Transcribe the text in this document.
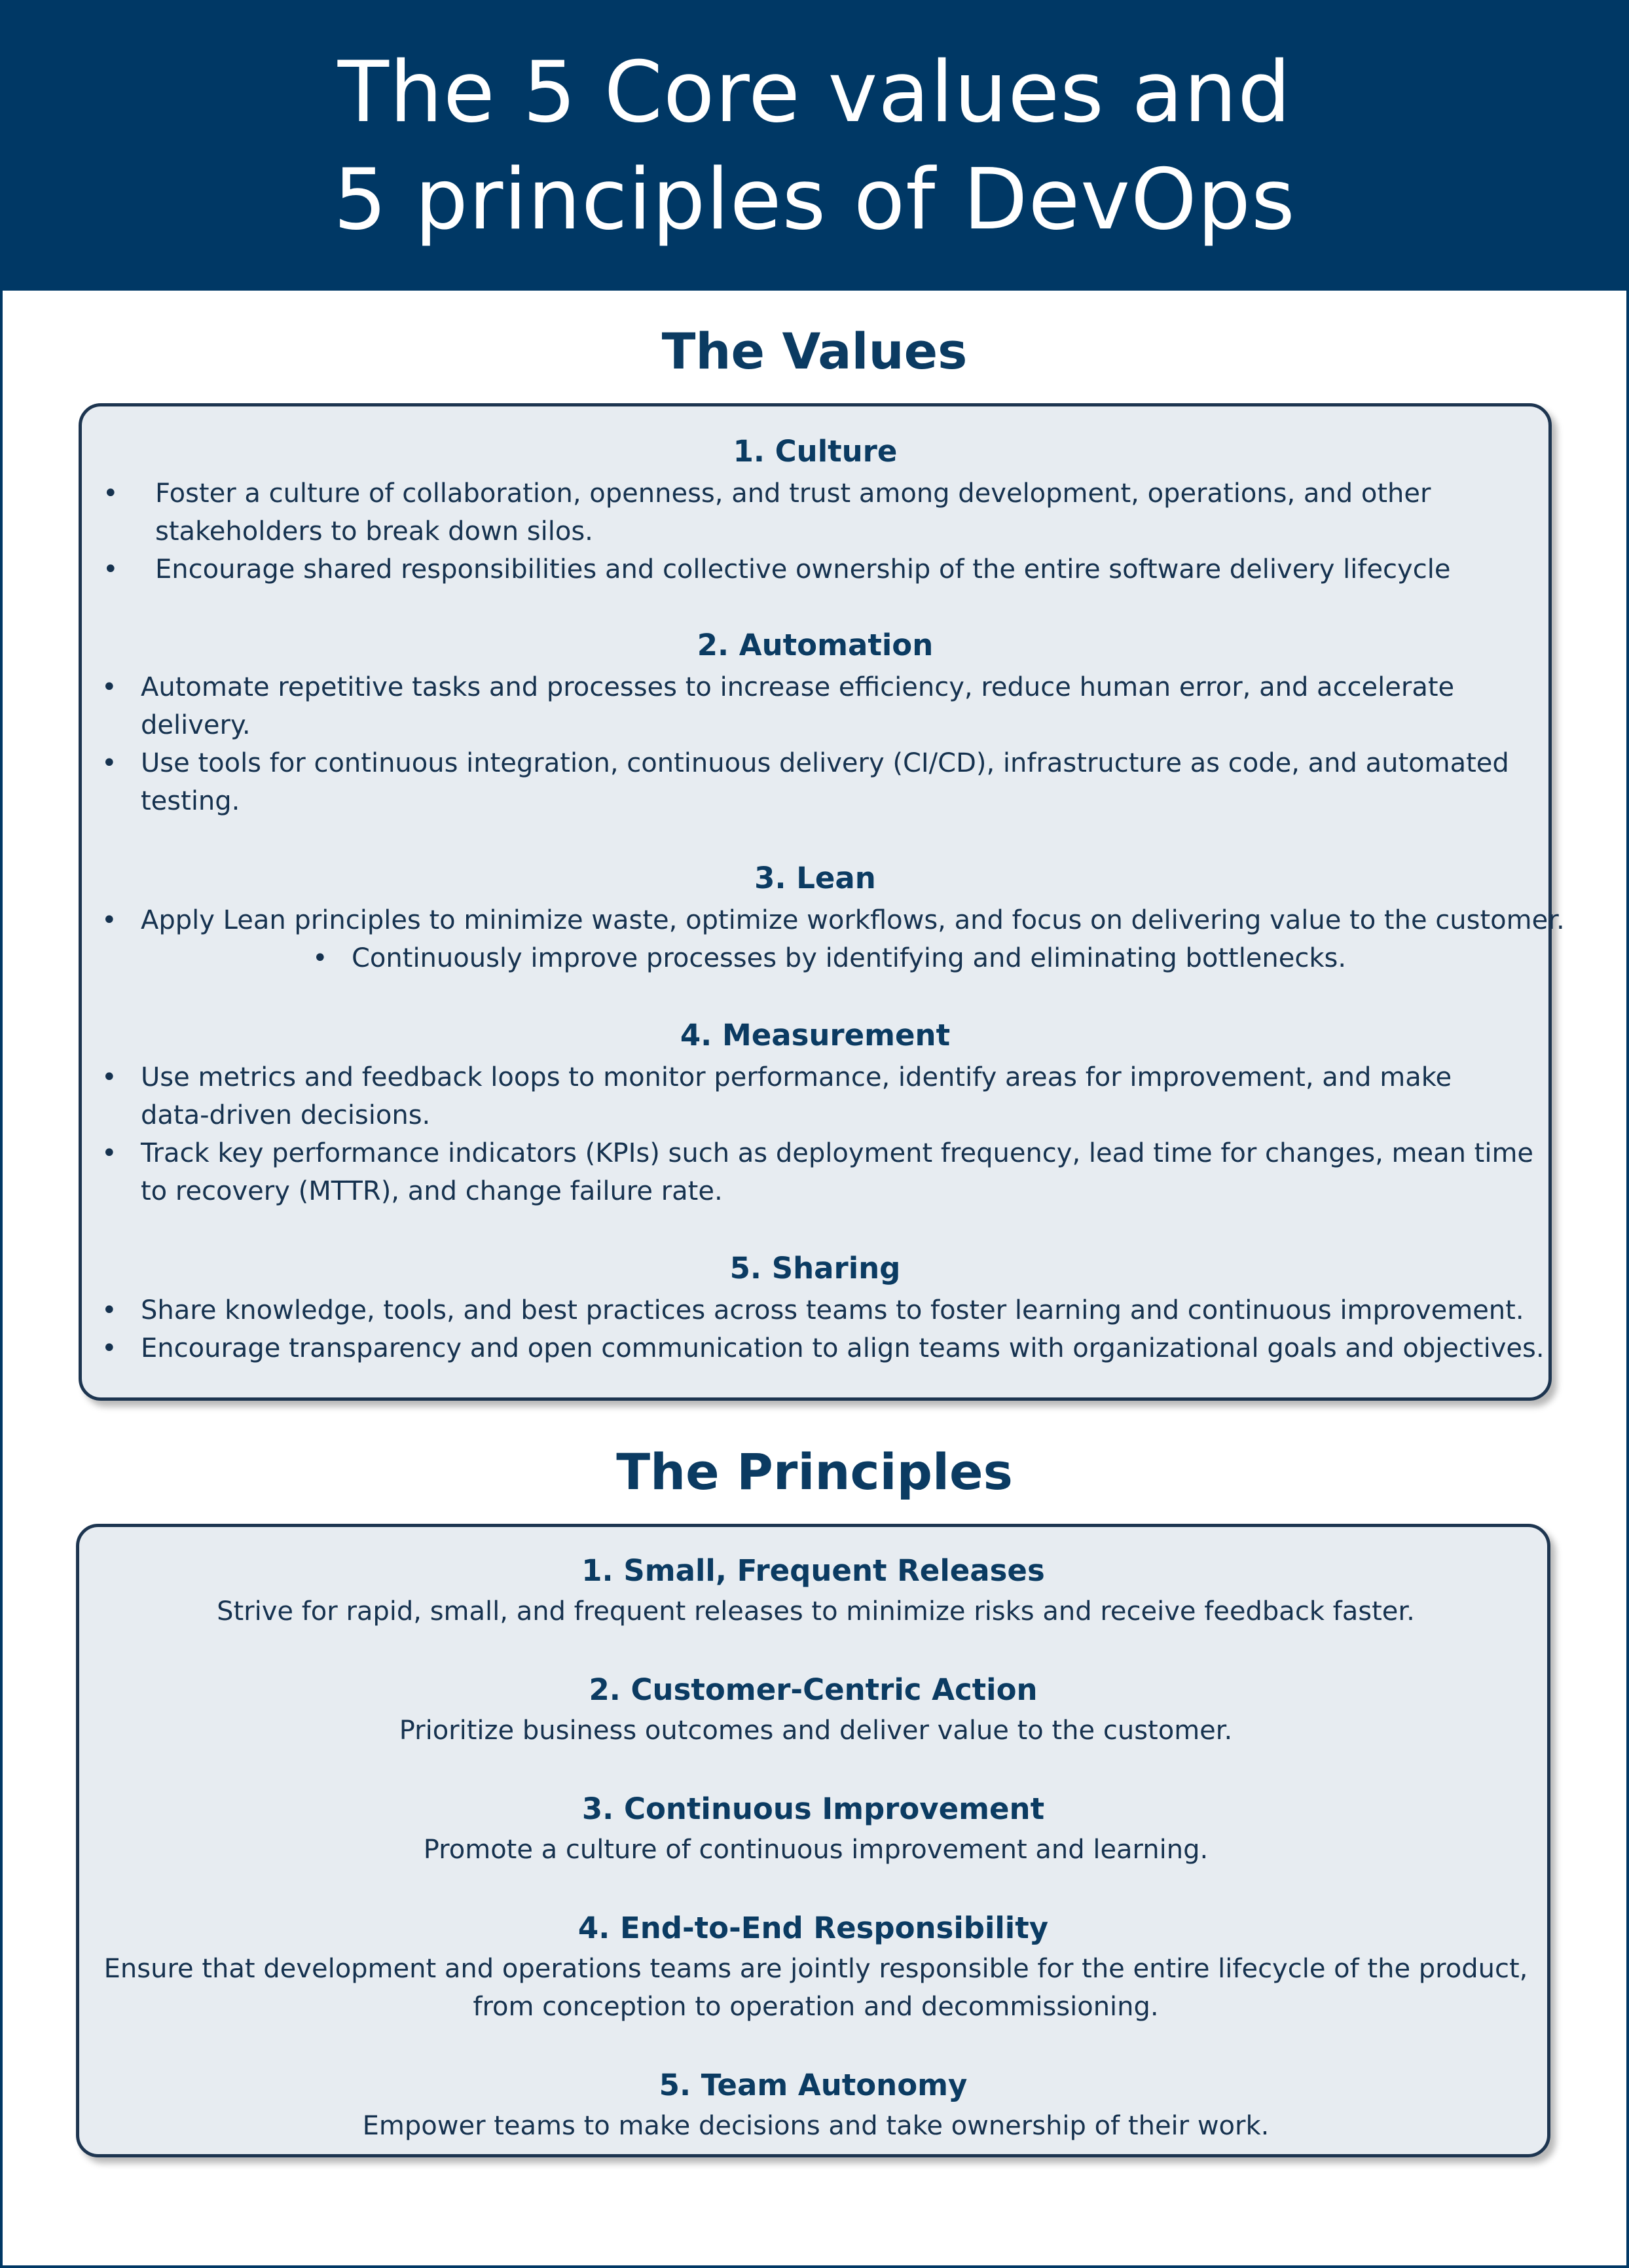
The 5 Core values and
5 principles of DevOps
The Values
1. Culture
• Foster a culture of collaboration, openness, and trust among development, operations, and other stakeholders to break down silos.
• Encourage shared responsibilities and collective ownership of the entire software delivery lifecycle
2. Automation
• Automate repetitive tasks and processes to increase efficiency, reduce human error, and accelerate delivery.
• Use tools for continuous integration, continuous delivery (CI/CD), infrastructure as code, and automated testing.
3. Lean
• Apply Lean principles to minimize waste, optimize workflows, and focus on delivering value to the customer.
• Continuously improve processes by identifying and eliminating bottlenecks.
4. Measurement
• Use metrics and feedback loops to monitor performance, identify areas for improvement, and make data-driven decisions.
• Track key performance indicators (KPIs) such as deployment frequency, lead time for changes, mean time to recovery (MTTR), and change failure rate.
5. Sharing
• Share knowledge, tools, and best practices across teams to foster learning and continuous improvement.
• Encourage transparency and open communication to align teams with organizational goals and objectives.
The Principles
1. Small, Frequent Releases
Strive for rapid, small, and frequent releases to minimize risks and receive feedback faster.
2. Customer-Centric Action
Prioritize business outcomes and deliver value to the customer.
3. Continuous Improvement
Promote a culture of continuous improvement and learning.
4. End-to-End Responsibility
Ensure that development and operations teams are jointly responsible for the entire lifecycle of the product, from conception to operation and decommissioning.
5. Team Autonomy
Empower teams to make decisions and take ownership of their work.
